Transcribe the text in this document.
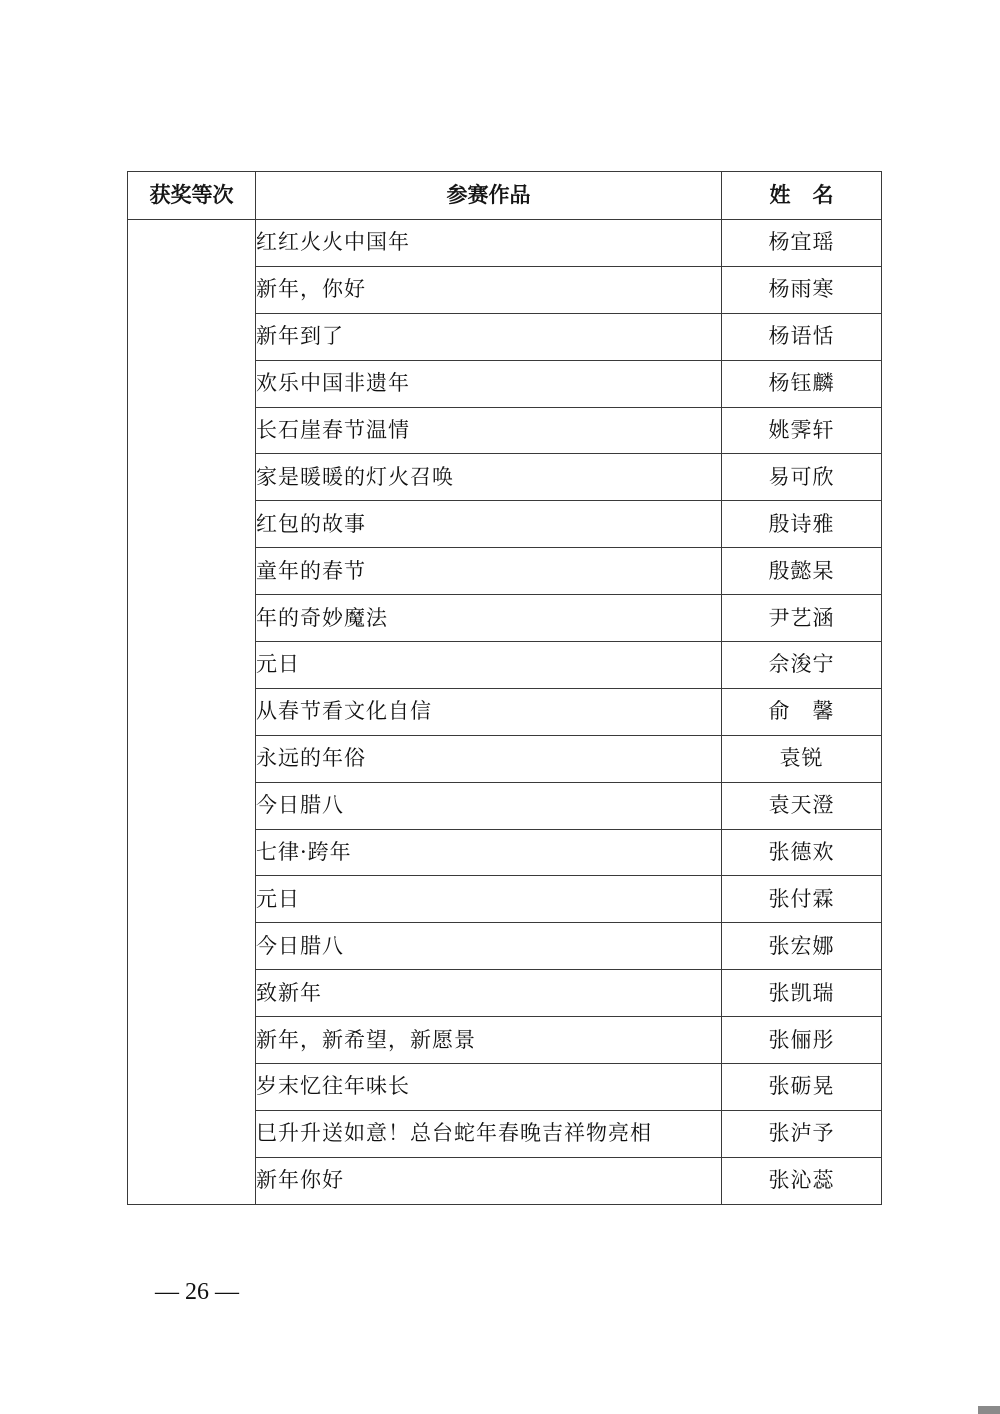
获奖等次	参赛作品	姓名
	红红火火中国年	杨宜瑶
	新年，你好	杨雨寒
	新年到了	杨语恬
	欢乐中国非遗年	杨钰麟
	长石崖春节温情	姚霁轩
	家是暖暖的灯火召唤	易可欣
	红包的故事	殷诗雅
	童年的春节	殷懿杲
	年的奇妙魔法	尹艺涵
	元日	佘浚宁
	从春节看文化自信	俞　馨
	永远的年俗	袁锐
	今日腊八	袁天澄
	七律·跨年	张德欢
	元日	张付霖
	今日腊八	张宏娜
	致新年	张凯瑞
	新年，新希望，新愿景	张俪彤
	岁末忆往年味长	张砺晃
	巳升升送如意！总台蛇年春晚吉祥物亮相	张泸予
	新年你好	张沁蕊
— 26 —
